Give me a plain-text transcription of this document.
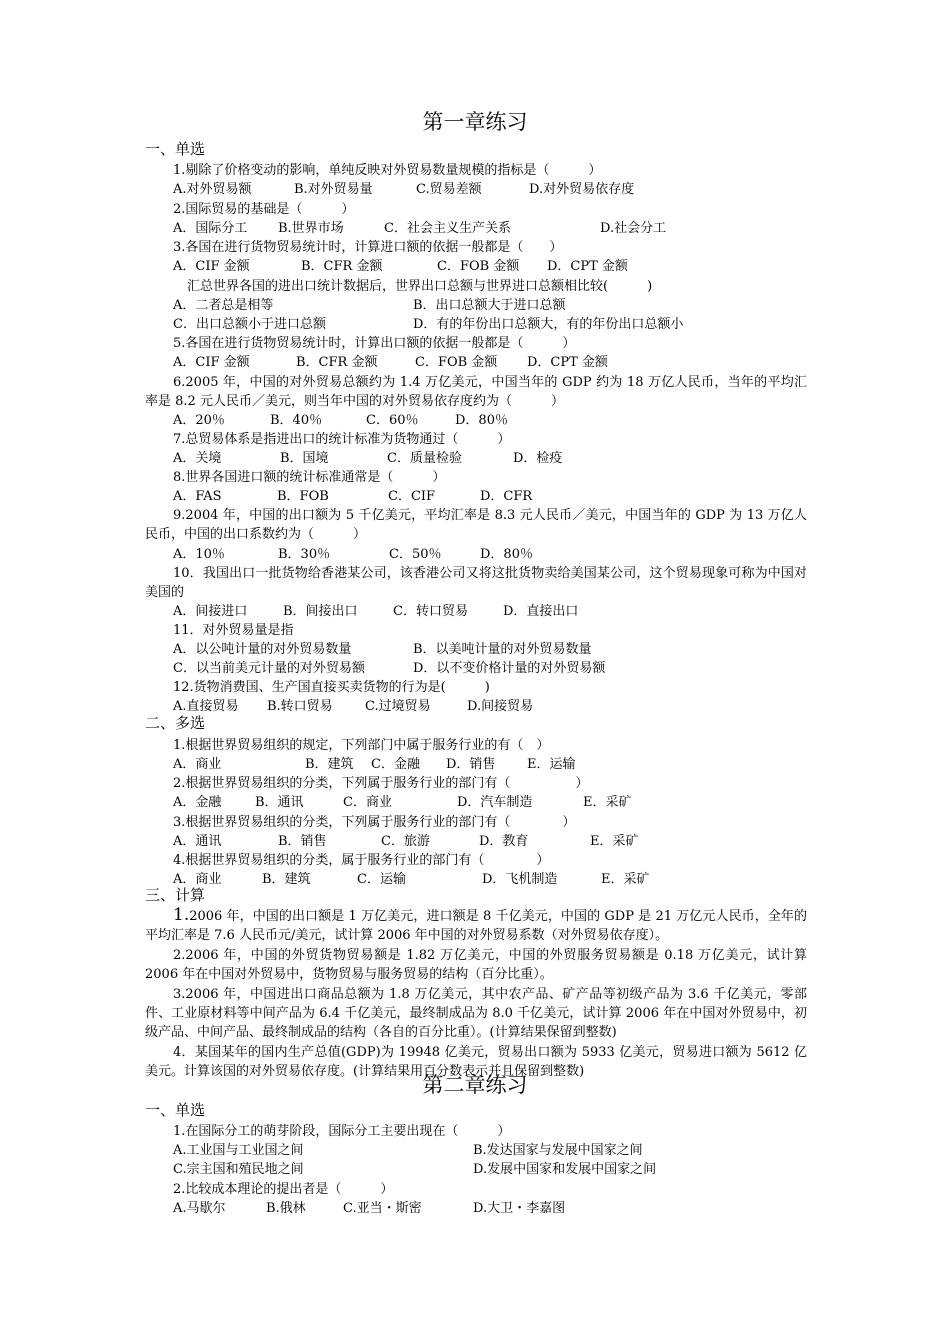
第一章练习
一、单选
1.剔除了价格变动的影响，单纯反映对外贸易数量规模的指标是（　　　）
A.对外贸易额	B.对外贸易量	C.贸易差额	D.对外贸易依存度
2.国际贸易的基础是（　　　）
A．国际分工 B.世界市场	C．社会主义生产关系	D.社会分工
3.各国在进行货物贸易统计时，计算进口额的依据一般都是（　　）
A．CIF 金额	B．CFR 金额	C．FOB 金额 D．CPT 金额
汇总世界各国的进出口统计数据后，世界出口总额与世界进口总额相比较(　　　)
A．二者总是相等	B．出口总额大于进口总额
C．出口总额小于进口总额	D．有的年份出口总额大，有的年份出口总额小
5.各国在进行货物贸易统计时，计算出口额的依据一般都是（　　　）
A．CIF 金额	B．CFR 金额	C．FOB 金额 D．CPT 金额
6.2005 年，中国的对外贸易总额约为 1.4 万亿美元，中国当年的 GDP 约为 18 万亿人民币，当年的平均汇率是 8.2 元人民币／美元，则当年中国的对外贸易依存度约为（　　　）
A．20％	B．40％	C．60％	D．80％
7.总贸易体系是指进出口的统计标准为货物通过（　　　）
A．关境	B．国境	C．质量检验	D．检疫
8.世界各国进口额的统计标准通常是（　　　）
A．FAS	B．FOB	C．CIF	D．CFR
9.2004 年，中国的出口额为 5 千亿美元，平均汇率是 8.3 元人民币／美元，中国当年的 GDP 为 13 万亿人民币，中国的出口系数约为（　　　）
A．10％	B．30％	C．50％	D．80％
10．我国出口一批货物给香港某公司，该香港公司又将这批货物卖给美国某公司，这个贸易现象可称为中国对美国的
A．间接进口	B．间接出口	C．转口贸易	D．直接出口
11．对外贸易量是指
A．以公吨计量的对外贸易数量	B．以美吨计量的对外贸易数量
C．以当前美元计量的对外贸易额	D．以不变价格计量的对外贸易额
12.货物消费国、生产国直接买卖货物的行为是(　　　)
A.直接贸易 B.转口贸易 C.过境贸易	D.间接贸易
二、多选
1.根据世界贸易组织的规定，下列部门中属于服务行业的有（　）
A．商业	B．建筑 C．金融 D．销售 E．运输
2.根据世界贸易组织的分类，下列属于服务行业的部门有（　　　　　）
A．金融	B．通讯	C．商业	D．汽车制造	E．采矿
3.根据世界贸易组织的分类，下列属于服务行业的部门有（　　　　）
A．通讯	B．销售	C．旅游	D．教育	E．采矿
4.根据世界贸易组织的分类，属于服务行业的部门有（　　　　）
A．商业	B．建筑	C．运输	D．飞机制造	E．采矿
三、计算
1.2006 年，中国的出口额是 1 万亿美元，进口额是 8 千亿美元，中国的 GDP 是 21 万亿元人民币，全年的平均汇率是 7.6 人民币元/美元，试计算 2006 年中国的对外贸易系数（对外贸易依存度）。
2.2006 年，中国的外贸货物贸易额是 1.82 万亿美元，中国的外贸服务贸易额是 0.18 万亿美元，试计算 2006 年在中国对外贸易中，货物贸易与服务贸易的结构（百分比重）。
3.2006 年，中国进出口商品总额为 1.8 万亿美元，其中农产品、矿产品等初级产品为 3.6 千亿美元，零部件、工业原材料等中间产品为 6.4 千亿美元，最终制成品为 8.0 千亿美元，试计算 2006 年在中国对外贸易中，初级产品、中间产品、最终制成品的结构（各自的百分比重）。(计算结果保留到整数)
4．某国某年的国内生产总值(GDP)为 19948 亿美元，贸易出口额为 5933 亿美元，贸易进口额为 5612 亿美元。计算该国的对外贸易依存度。(计算结果用百分数表示并且保留到整数)
第二章练习
一、单选
1.在国际分工的萌芽阶段，国际分工主要出现在（　　　）
A.工业国与工业国之间	B.发达国家与发展中国家之间
C.宗主国和殖民地之间	D.发展中国家和发展中国家之间
2.比较成本理论的提出者是（　　　）
A.马歇尔	B.俄林	C.亚当・斯密	D.大卫・李嘉图
